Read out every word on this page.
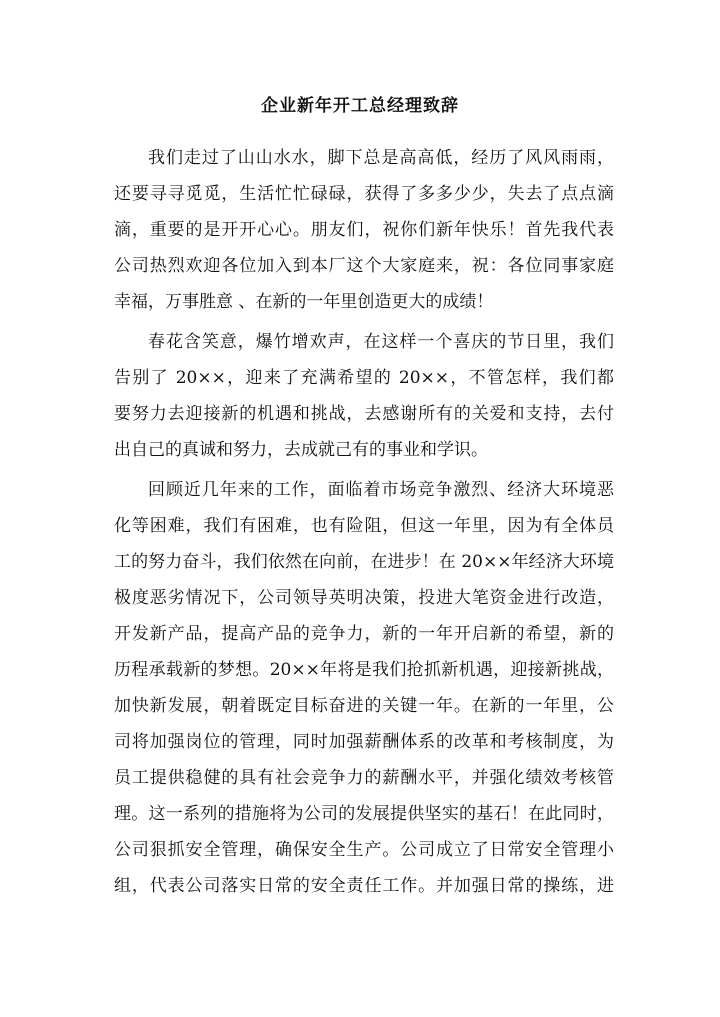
企业新年开工总经理致辞
我们走过了山山水水，脚下总是高高低，经历了风风雨雨，
还要寻寻觅觅，生活忙忙碌碌，获得了多多少少，失去了点点滴
滴，重要的是开开心心。朋友们，祝你们新年快乐！首先我代表
公司热烈欢迎各位加入到本厂这个大家庭来，祝：各位同事家庭
幸福，万事胜意 、在新的一年里创造更大的成绩！
春花含笑意，爆竹增欢声，在这样一个喜庆的节日里，我们
告别了 20××，迎来了充满希望的 20××，不管怎样，我们都
要努力去迎接新的机遇和挑战，去感谢所有的关爱和支持，去付
出自己的真诚和努力，去成就己有的事业和学识。
回顾近几年来的工作，面临着市场竞争激烈、经济大环境恶
化等困难，我们有困难，也有险阻，但这一年里，因为有全体员
工的努力奋斗，我们依然在向前，在进步！在 20××年经济大环境
极度恶劣情况下，公司领导英明决策，投进大笔资金进行改造，
开发新产品，提高产品的竞争力，新的一年开启新的希望，新的
历程承载新的梦想。20××年将是我们抢抓新机遇，迎接新挑战，
加快新发展，朝着既定目标奋进的关键一年。在新的一年里，公
司将加强岗位的管理，同时加强薪酬体系的改革和考核制度，为
员工提供稳健的具有社会竞争力的薪酬水平，并强化绩效考核管
理。这一系列的措施将为公司的发展提供坚实的基石！在此同时，
公司狠抓安全管理，确保安全生产。公司成立了日常安全管理小
组，代表公司落实日常的安全责任工作。并加强日常的操练，进
